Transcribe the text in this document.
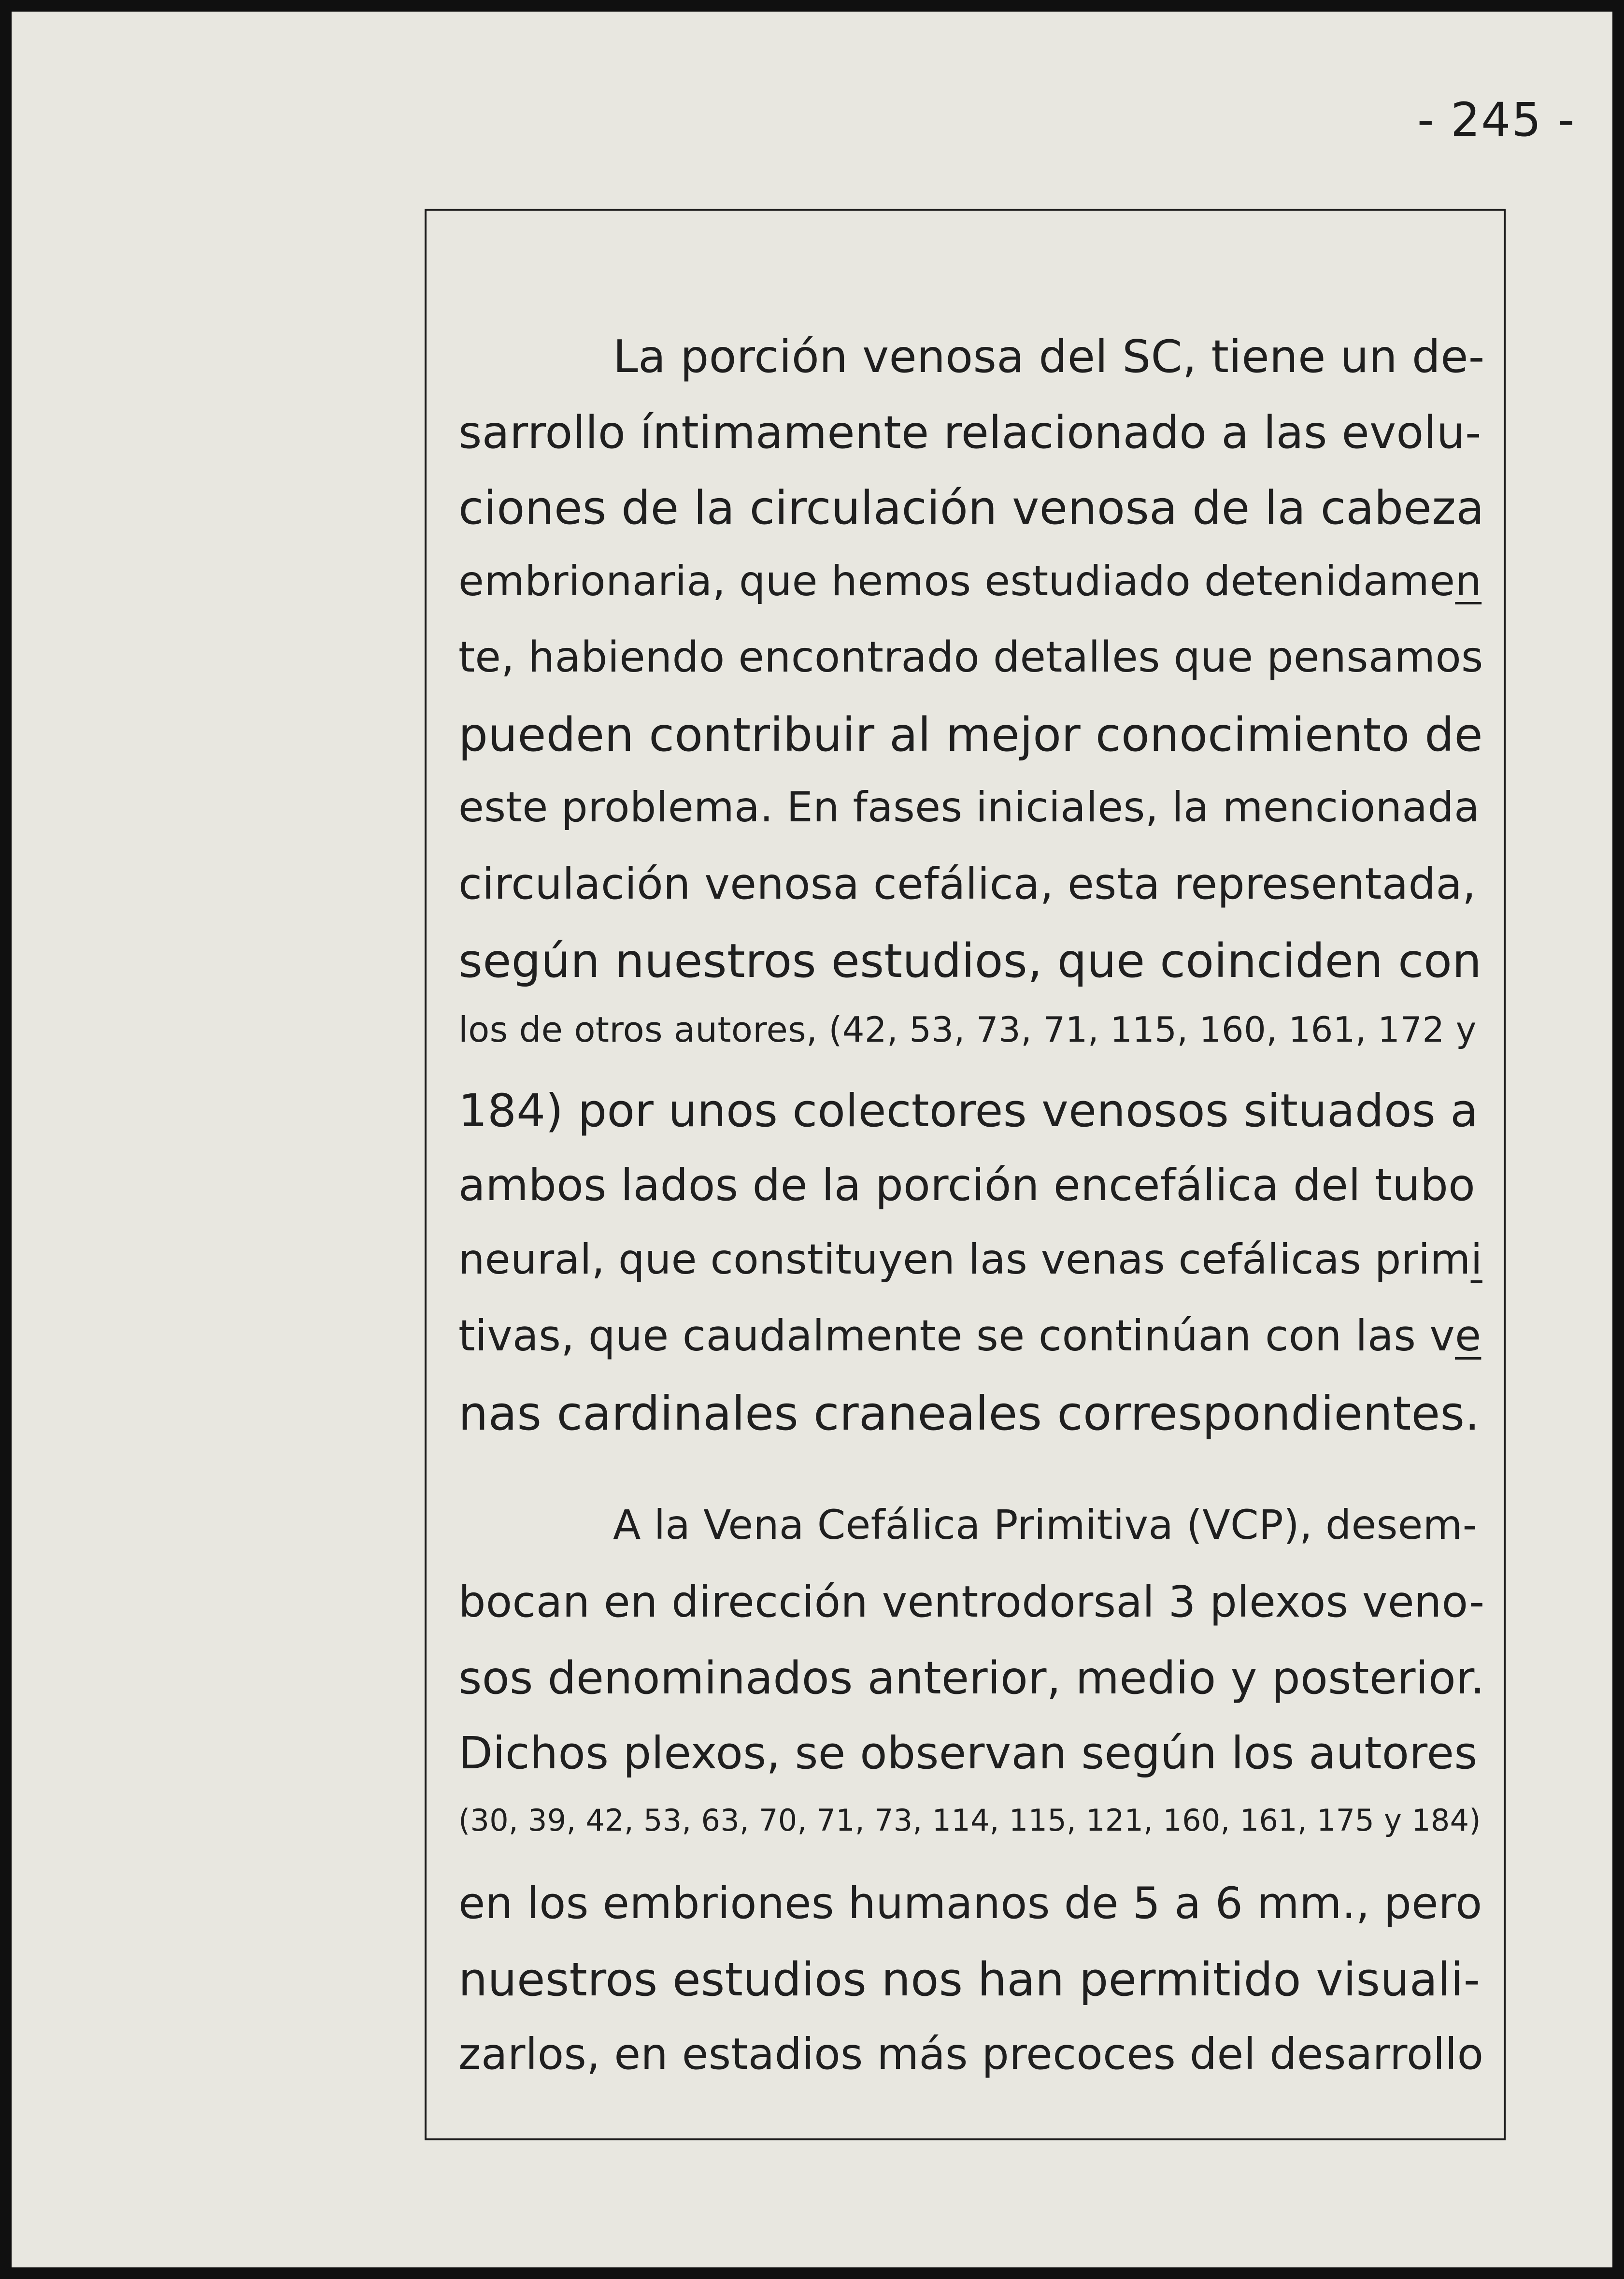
- 245 -
La porción venosa del SC, tiene un de-
sarrollo íntimamente relacionado a las evolu-
ciones de la circulación venosa de la cabeza
embrionaria, que hemos estudiado detenidamen
te, habiendo encontrado detalles que pensamos
pueden contribuir al mejor conocimiento de
este problema. En fases iniciales, la mencionada
circulación venosa cefálica, esta representada,
según nuestros estudios, que coinciden con
los de otros autores, (42, 53, 73, 71, 115, 160, 161, 172 y
184) por unos colectores venosos situados a
ambos lados de la porción encefálica del tubo
neural, que constituyen las venas cefálicas primi
tivas, que caudalmente se continúan con las ve
nas cardinales craneales correspondientes.
A la Vena Cefálica Primitiva (VCP), desem-
bocan en dirección ventrodorsal 3 plexos veno-
sos denominados anterior, medio y posterior.
Dichos plexos, se observan según los autores
(30, 39, 42, 53, 63, 70, 71, 73, 114, 115, 121, 160, 161, 175 y 184)
en los embriones humanos de 5 a 6 mm., pero
nuestros estudios nos han permitido visuali-
zarlos, en estadios más precoces del desarrollo
